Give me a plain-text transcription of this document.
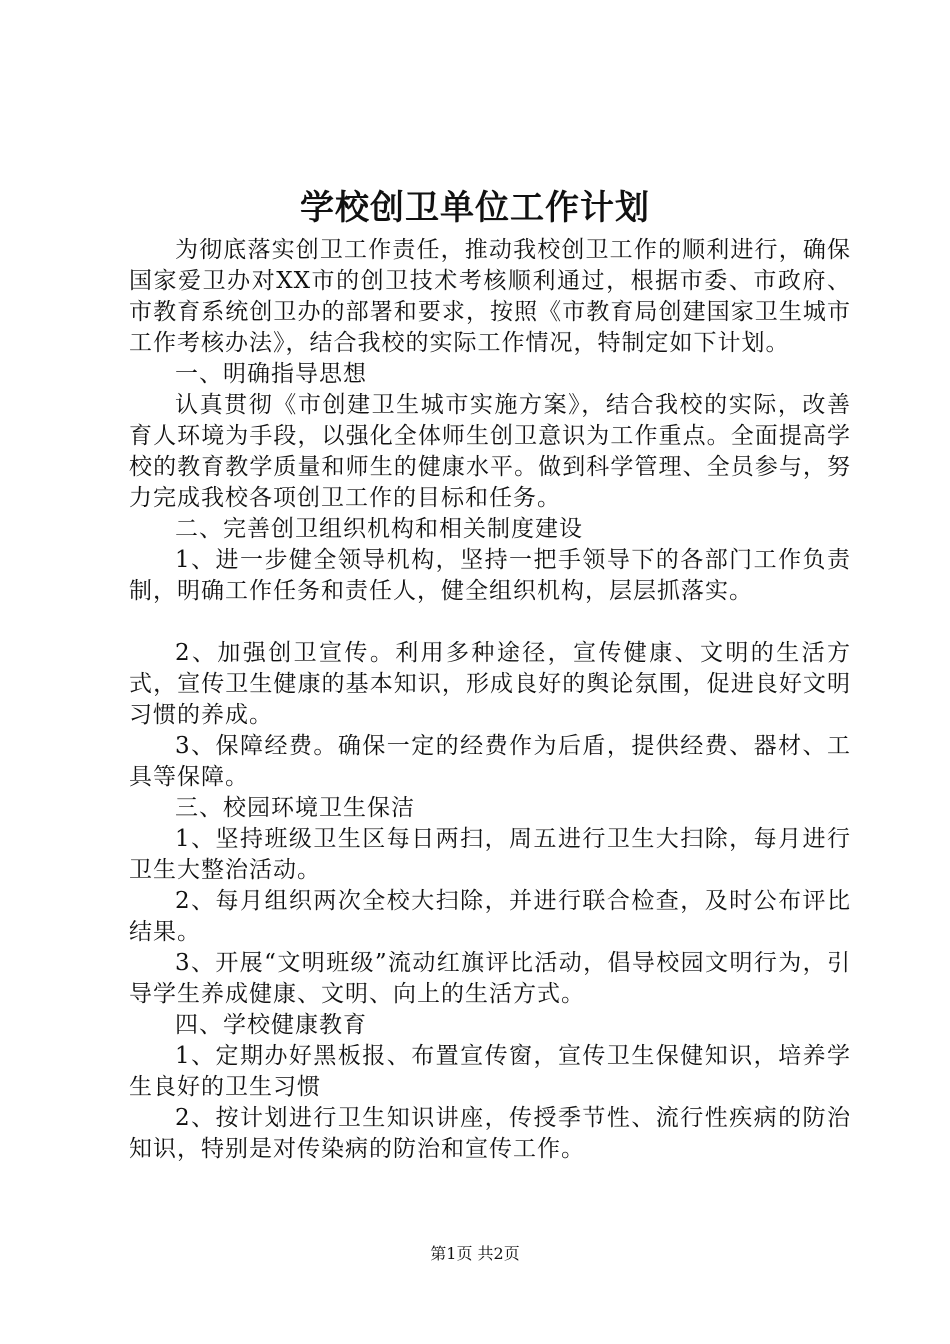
学校创卫单位工作计划

为彻底落实创卫工作责任，推动我校创卫工作的顺利进行，确保国家爱卫办对XX市的创卫技术考核顺利通过，根据市委、市政府、市教育系统创卫办的部署和要求，按照《市教育局创建国家卫生城市工作考核办法》，结合我校的实际工作情况，特制定如下计划。

一、明确指导思想

认真贯彻《市创建卫生城市实施方案》，结合我校的实际，改善育人环境为手段，以强化全体师生创卫意识为工作重点。全面提高学校的教育教学质量和师生的健康水平。做到科学管理、全员参与，努力完成我校各项创卫工作的目标和任务。

二、完善创卫组织机构和相关制度建设

1、进一步健全领导机构，坚持一把手领导下的各部门工作负责制，明确工作任务和责任人，健全组织机构，层层抓落实。

2、加强创卫宣传。利用多种途径，宣传健康、文明的生活方式，宣传卫生健康的基本知识，形成良好的舆论氛围，促进良好文明习惯的养成。

3、保障经费。确保一定的经费作为后盾，提供经费、器材、工具等保障。

三、校园环境卫生保洁

1、坚持班级卫生区每日两扫，周五进行卫生大扫除，每月进行卫生大整治活动。

2、每月组织两次全校大扫除，并进行联合检查，及时公布评比结果。

3、开展“文明班级”流动红旗评比活动，倡导校园文明行为，引导学生养成健康、文明、向上的生活方式。

四、学校健康教育

1、定期办好黑板报、布置宣传窗，宣传卫生保健知识，培养学生良好的卫生习惯

2、按计划进行卫生知识讲座，传授季节性、流行性疾病的防治知识，特别是对传染病的防治和宣传工作。

第1页 共2页
